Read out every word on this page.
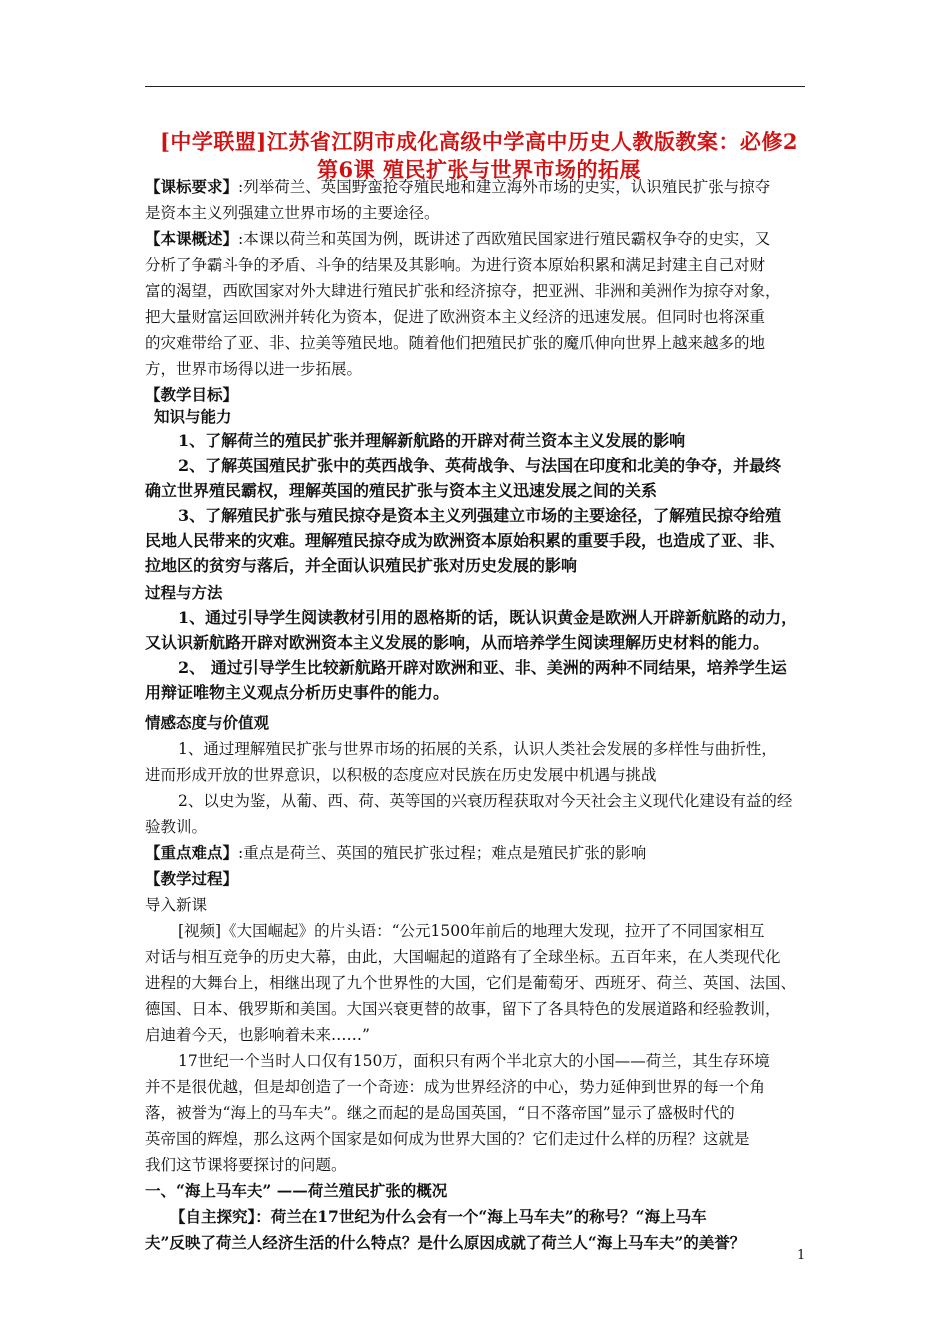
[中学联盟]江苏省江阴市成化高级中学高中历史人教版教案：必修2
第6课 殖民扩张与世界市场的拓展
【课标要求】:列举荷兰、英国野蛮抢夺殖民地和建立海外市场的史实，认识殖民扩张与掠夺
是资本主义列强建立世界市场的主要途径。
【本课概述】:本课以荷兰和英国为例，既讲述了西欧殖民国家进行殖民霸权争夺的史实，又
分析了争霸斗争的矛盾、斗争的结果及其影响。为进行资本原始积累和满足封建主自己对财
富的渴望，西欧国家对外大肆进行殖民扩张和经济掠夺，把亚洲、非洲和美洲作为掠夺对象，
把大量财富运回欧洲并转化为资本，促进了欧洲资本主义经济的迅速发展。但同时也将深重
的灾难带给了亚、非、拉美等殖民地。随着他们把殖民扩张的魔爪伸向世界上越来越多的地
方，世界市场得以进一步拓展。
【教学目标】
知识与能力
1、了解荷兰的殖民扩张并理解新航路的开辟对荷兰资本主义发展的影响
2、了解英国殖民扩张中的英西战争、英荷战争、与法国在印度和北美的争夺，并最终
确立世界殖民霸权，理解英国的殖民扩张与资本主义迅速发展之间的关系
3、了解殖民扩张与殖民掠夺是资本主义列强建立市场的主要途径，了解殖民掠夺给殖
民地人民带来的灾难。理解殖民掠夺成为欧洲资本原始积累的重要手段，也造成了亚、非、
拉地区的贫穷与落后，并全面认识殖民扩张对历史发展的影响
过程与方法
1、通过引导学生阅读教材引用的恩格斯的话，既认识黄金是欧洲人开辟新航路的动力，
又认识新航路开辟对欧洲资本主义发展的影响，从而培养学生阅读理解历史材料的能力。
2、 通过引导学生比较新航路开辟对欧洲和亚、非、美洲的两种不同结果，培养学生运
用辩证唯物主义观点分析历史事件的能力。
情感态度与价值观
1、通过理解殖民扩张与世界市场的拓展的关系，认识人类社会发展的多样性与曲折性，
进而形成开放的世界意识，以积极的态度应对民族在历史发展中机遇与挑战
2、以史为鉴，从葡、西、荷、英等国的兴衰历程获取对今天社会主义现代化建设有益的经
验教训。
【重点难点】:重点是荷兰、英国的殖民扩张过程；难点是殖民扩张的影响
【教学过程】
导入新课
[视频]《大国崛起》的片头语：“公元1500年前后的地理大发现，拉开了不同国家相互
对话与相互竞争的历史大幕，由此，大国崛起的道路有了全球坐标。五百年来，在人类现代化
进程的大舞台上，相继出现了九个世界性的大国，它们是葡萄牙、西班牙、荷兰、英国、法国、
德国、日本、俄罗斯和美国。大国兴衰更替的故事，留下了各具特色的发展道路和经验教训，
启迪着今天，也影响着未来……”
17世纪一个当时人口仅有150万，面积只有两个半北京大的小国——荷兰，其生存环境
并不是很优越，但是却创造了一个奇迹：成为世界经济的中心，势力延伸到世界的每一个角
落，被誉为“海上的马车夫”。继之而起的是岛国英国，“日不落帝国”显示了盛极时代的
英帝国的辉煌，那么这两个国家是如何成为世界大国的？它们走过什么样的历程？这就是
我们这节课将要探讨的问题。
一、“海上马车夫” ——荷兰殖民扩张的概况
【自主探究】：荷兰在17世纪为什么会有一个“海上马车夫”的称号？“海上马车
夫”反映了荷兰人经济生活的什么特点？是什么原因成就了荷兰人“海上马车夫”的美誉？
1
